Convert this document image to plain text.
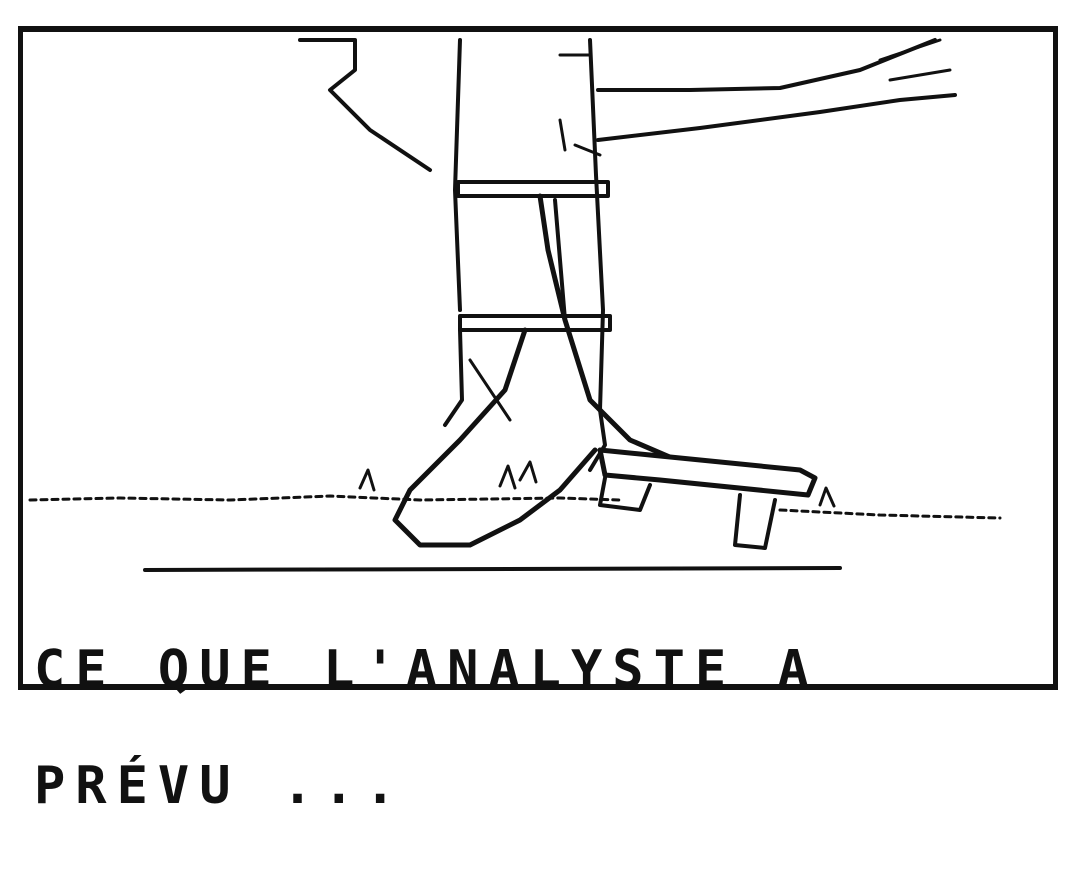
CE QUE L'ANALYSTE A

PRÉVU ...
